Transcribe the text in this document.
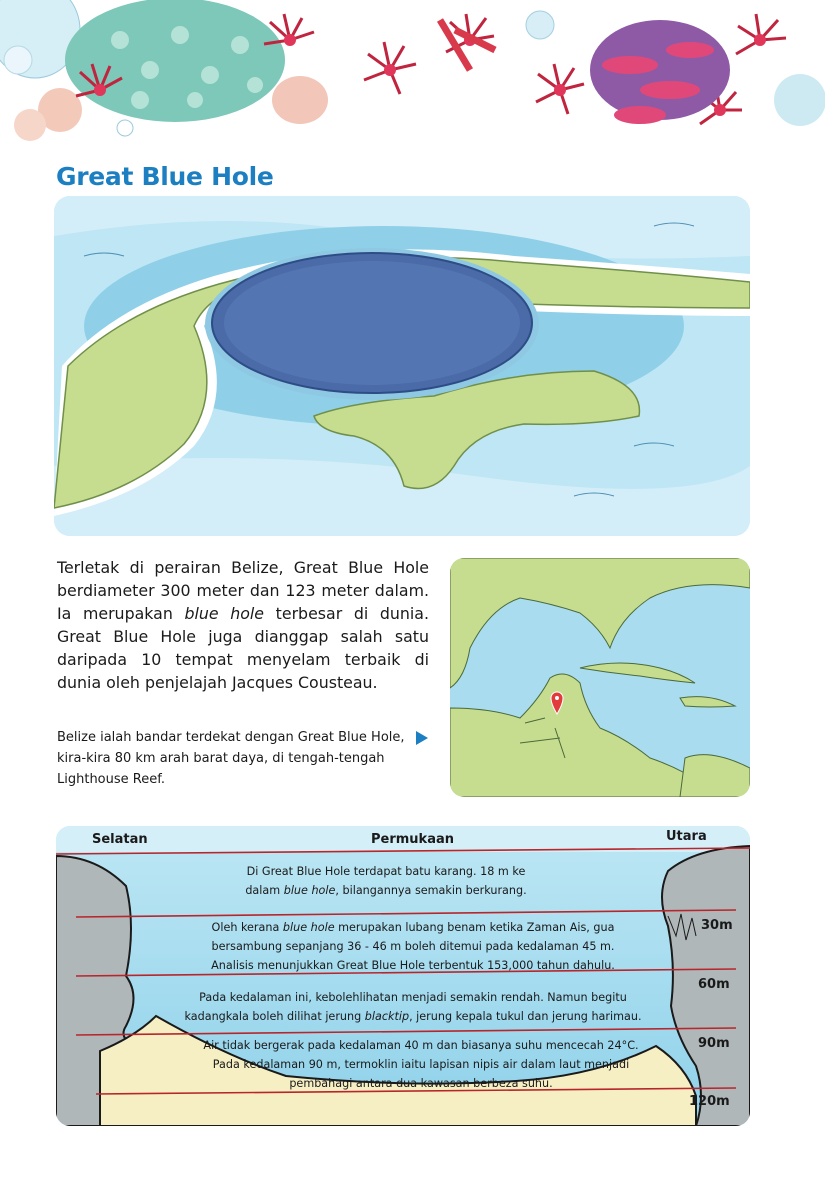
Great Blue Hole

Terletak di perairan Belize, Great Blue Hole berdiameter 300 meter dan 123 meter dalam. Ia merupakan blue hole terbesar di dunia. Great Blue Hole juga dianggap salah satu daripada 10 tempat menyelam terbaik di dunia oleh penjelajah Jacques Cousteau.

Belize ialah bandar terdekat dengan Great Blue Hole, kira-kira 80 km arah barat daya, di tengah-tengah Lighthouse Reef.

Selatan	Permukaan	Utara
30m
60m
90m
120m

Di Great Blue Hole terdapat batu karang. 18 m ke dalam blue hole, bilangannya semakin berkurang.

Oleh kerana blue hole merupakan lubang benam ketika Zaman Ais, gua bersambung sepanjang 36 - 46 m boleh ditemui pada kedalaman 45 m. Analisis menunjukkan Great Blue Hole terbentuk 153,000 tahun dahulu.

Pada kedalaman ini, kebolehlihatan menjadi semakin rendah. Namun begitu kadangkala boleh dilihat jerung blacktip, jerung kepala tukul dan jerung harimau.

Air tidak bergerak pada kedalaman 40 m dan biasanya suhu mencecah 24°C. Pada kedalaman 90 m, termoklin iaitu lapisan nipis air dalam laut menjadi pembahagi antara dua kawasan berbeza suhu.
